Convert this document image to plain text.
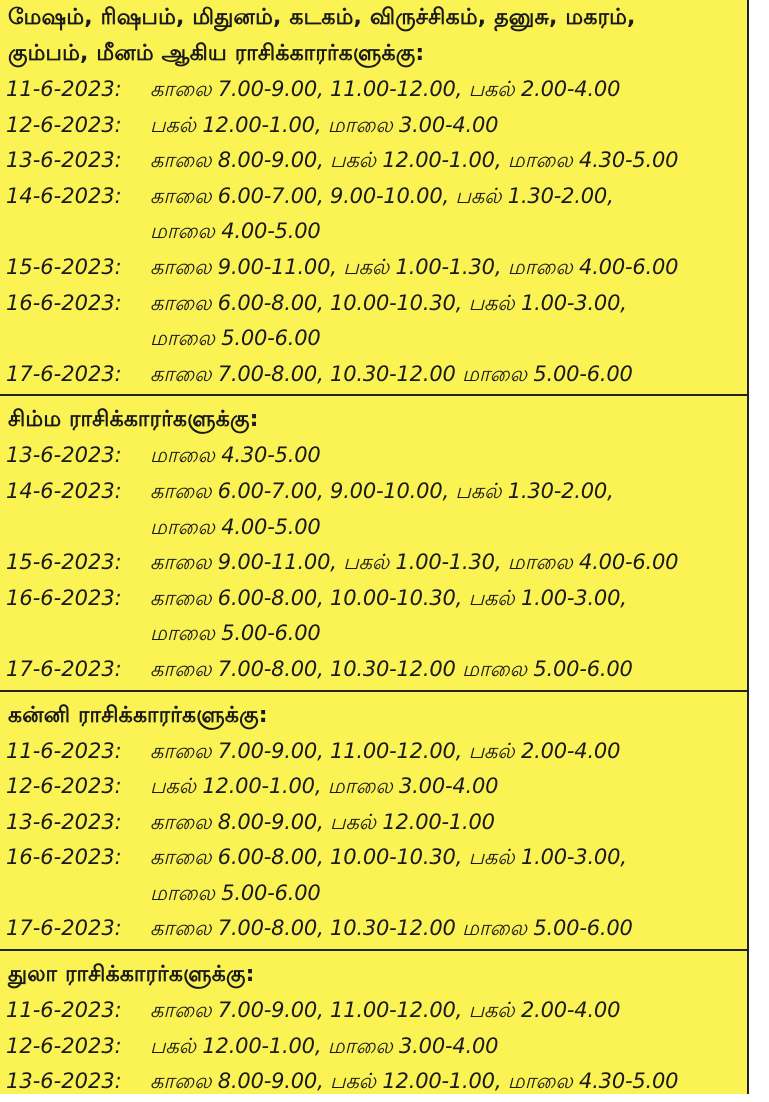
மேஷம், ரிஷபம், மிதுனம், கடகம், விருச்சிகம், தனுசு, மகரம்,
கும்பம், மீனம் ஆகிய ராசிக்காரர்களுக்கு:
11-6-2023:	காலை 7.00-9.00, 11.00-12.00, பகல் 2.00-4.00
12-6-2023:	பகல் 12.00-1.00, மாலை 3.00-4.00
13-6-2023:	காலை 8.00-9.00, பகல் 12.00-1.00, மாலை 4.30-5.00
14-6-2023:	காலை 6.00-7.00, 9.00-10.00, பகல் 1.30-2.00,
மாலை 4.00-5.00
15-6-2023:	காலை 9.00-11.00, பகல் 1.00-1.30, மாலை 4.00-6.00
16-6-2023:	காலை 6.00-8.00, 10.00-10.30, பகல் 1.00-3.00,
மாலை 5.00-6.00
17-6-2023:	காலை 7.00-8.00, 10.30-12.00 மாலை 5.00-6.00
சிம்ம ராசிக்காரர்களுக்கு:
13-6-2023:	மாலை 4.30-5.00
14-6-2023:	காலை 6.00-7.00, 9.00-10.00, பகல் 1.30-2.00,
மாலை 4.00-5.00
15-6-2023:	காலை 9.00-11.00, பகல் 1.00-1.30, மாலை 4.00-6.00
16-6-2023:	காலை 6.00-8.00, 10.00-10.30, பகல் 1.00-3.00,
மாலை 5.00-6.00
17-6-2023:	காலை 7.00-8.00, 10.30-12.00 மாலை 5.00-6.00
கன்னி ராசிக்காரர்களுக்கு:
11-6-2023:	காலை 7.00-9.00, 11.00-12.00, பகல் 2.00-4.00
12-6-2023:	பகல் 12.00-1.00, மாலை 3.00-4.00
13-6-2023:	காலை 8.00-9.00, பகல் 12.00-1.00
16-6-2023:	காலை 6.00-8.00, 10.00-10.30, பகல் 1.00-3.00,
மாலை 5.00-6.00
17-6-2023:	காலை 7.00-8.00, 10.30-12.00 மாலை 5.00-6.00
துலா ராசிக்காரர்களுக்கு:
11-6-2023:	காலை 7.00-9.00, 11.00-12.00, பகல் 2.00-4.00
12-6-2023:	பகல் 12.00-1.00, மாலை 3.00-4.00
13-6-2023:	காலை 8.00-9.00, பகல் 12.00-1.00, மாலை 4.30-5.00
